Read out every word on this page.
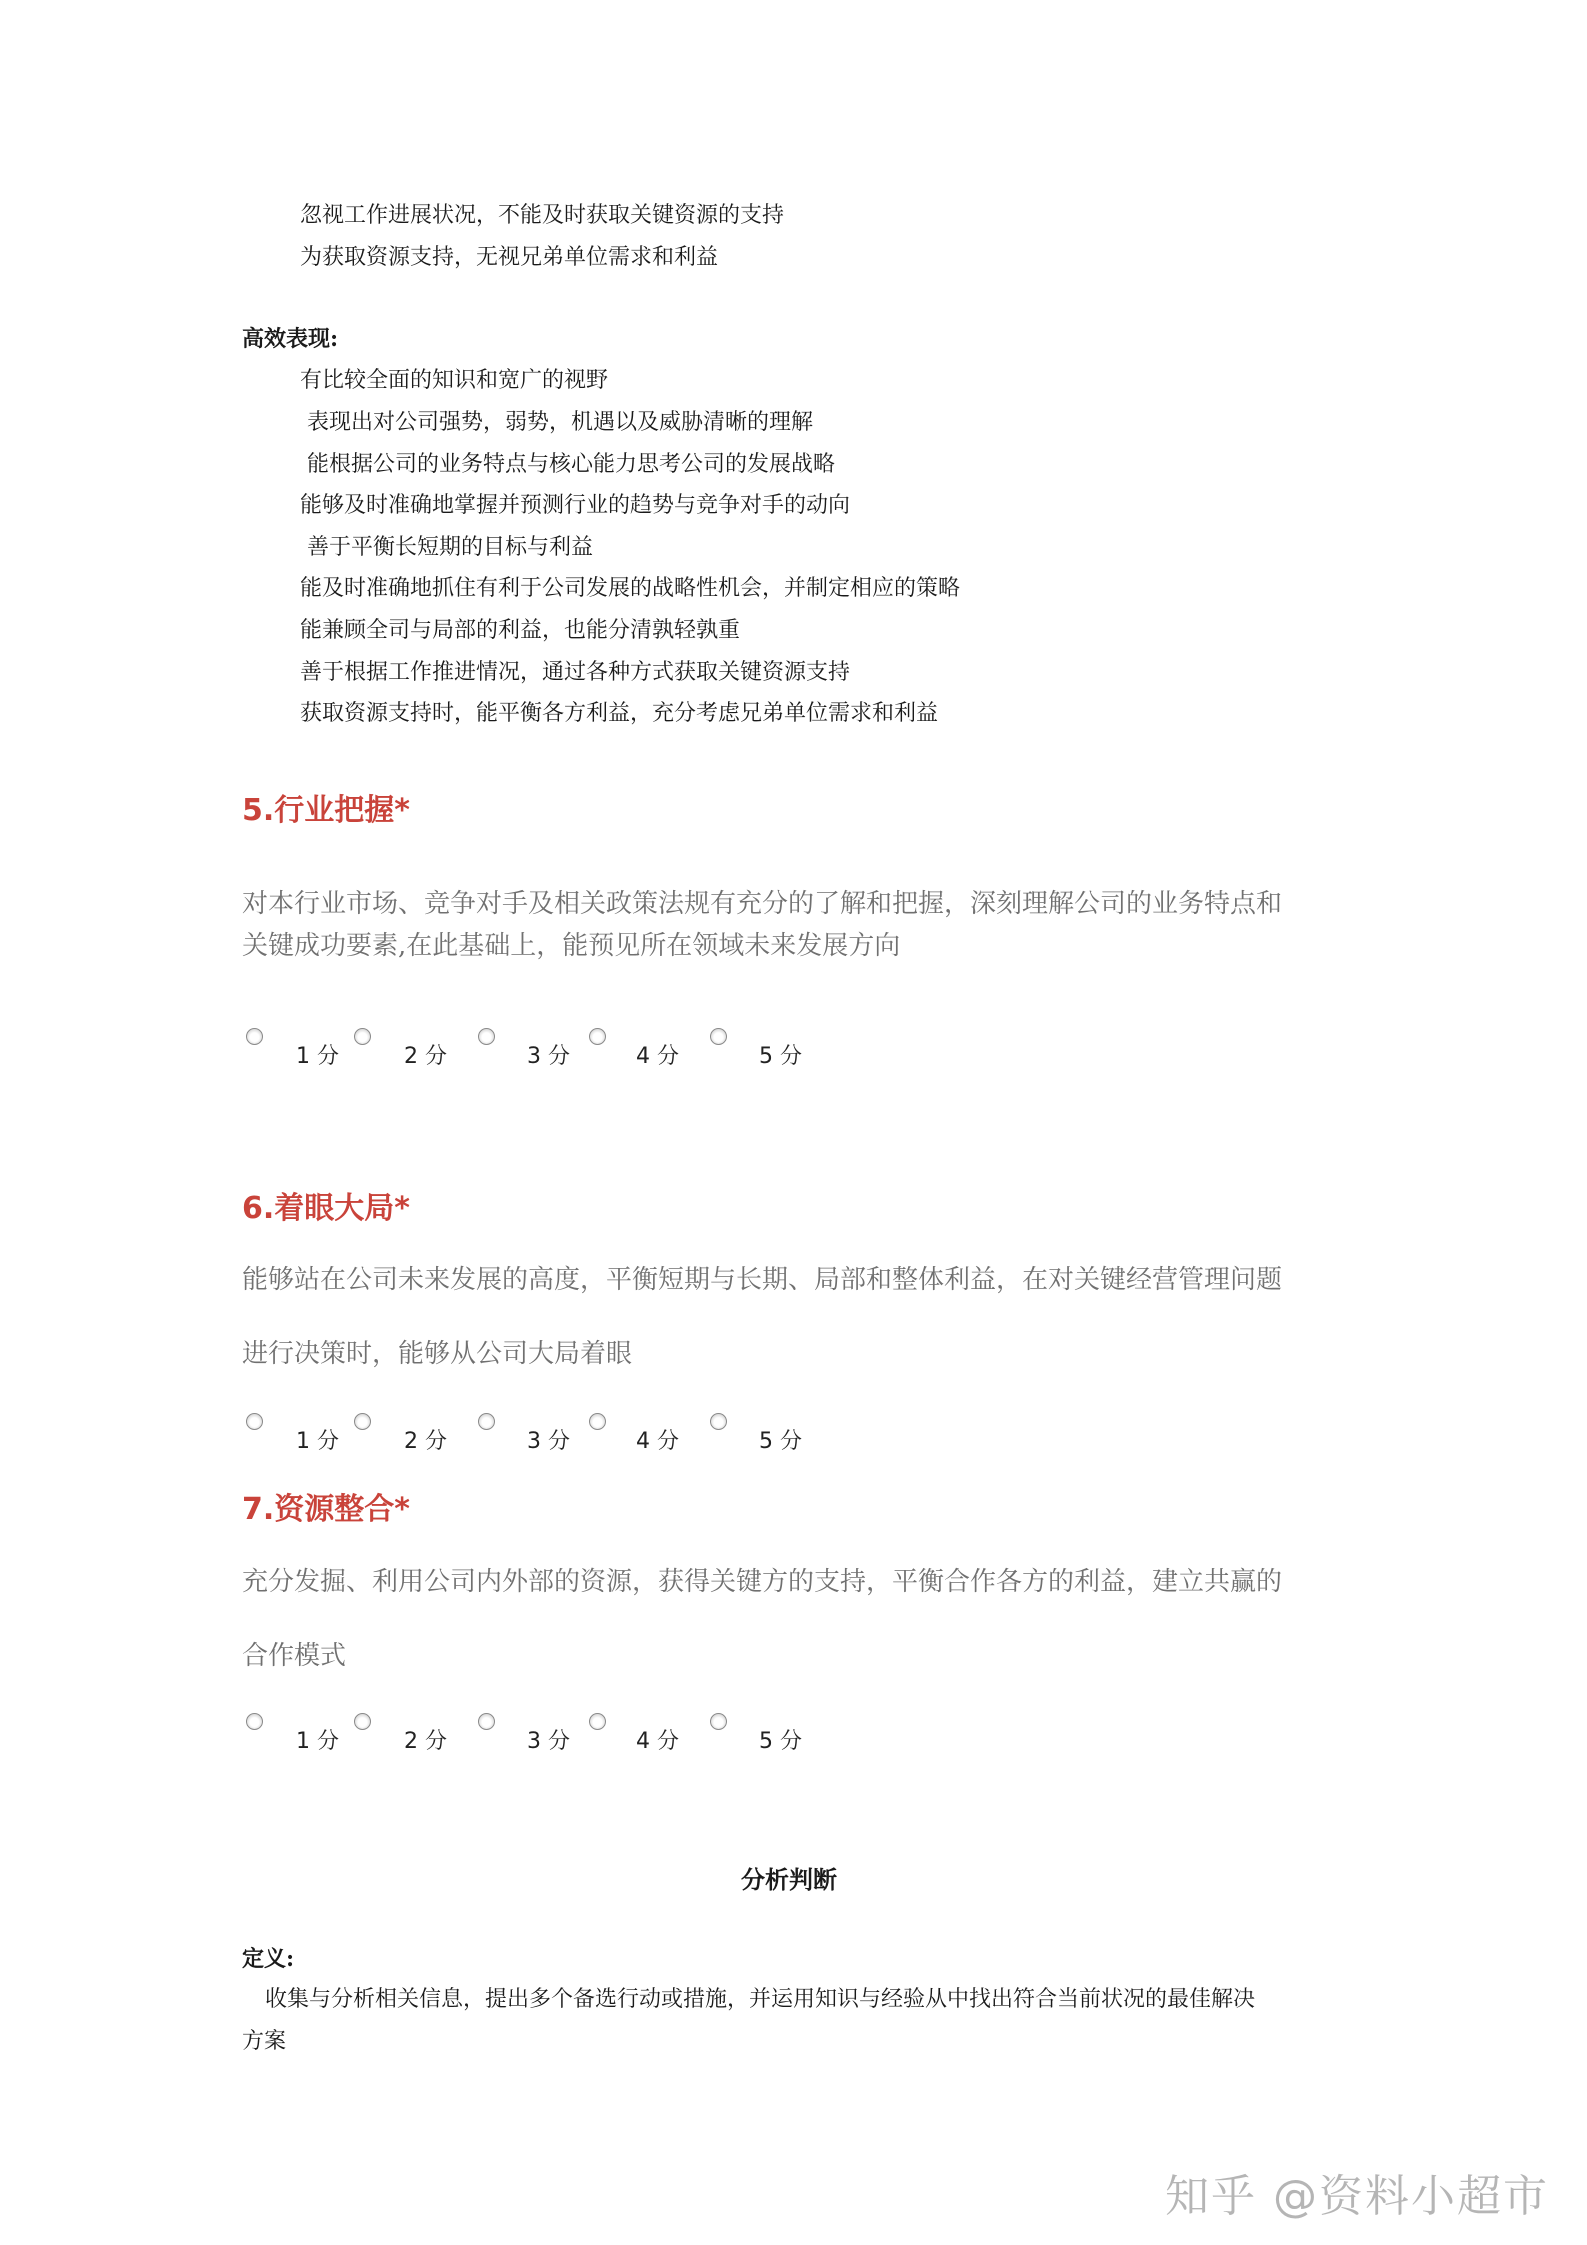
忽视工作进展状况，不能及时获取关键资源的支持
为获取资源支持，无视兄弟单位需求和利益
高效表现:
有比较全面的知识和宽广的视野
表现出对公司强势，弱势，机遇以及威胁清晰的理解
能根据公司的业务特点与核心能力思考公司的发展战略
能够及时准确地掌握并预测行业的趋势与竞争对手的动向
善于平衡长短期的目标与利益
能及时准确地抓住有利于公司发展的战略性机会，并制定相应的策略
能兼顾全司与局部的利益，也能分清孰轻孰重
善于根据工作推进情况，通过各种方式获取关键资源支持
获取资源支持时，能平衡各方利益，充分考虑兄弟单位需求和利益
5.行业把握*
对本行业市场、竞争对手及相关政策法规有充分的了解和把握，深刻理解公司的业务特点和
关键成功要素,在此基础上，能预见所在领域未来发展方向
1 分	2 分	3 分	4 分	5 分
6.着眼大局*
能够站在公司未来发展的高度，平衡短期与长期、局部和整体利益，在对关键经营管理问题
进行决策时，能够从公司大局着眼
1 分	2 分	3 分	4 分	5 分
7.资源整合*
充分发掘、利用公司内外部的资源，获得关键方的支持，平衡合作各方的利益，建立共赢的
合作模式
1 分	2 分	3 分	4 分	5 分
分析判断
定义:
收集与分析相关信息，提出多个备选行动或措施，并运用知识与经验从中找出符合当前状况的最佳解决
方案
知乎 @资料小超市
